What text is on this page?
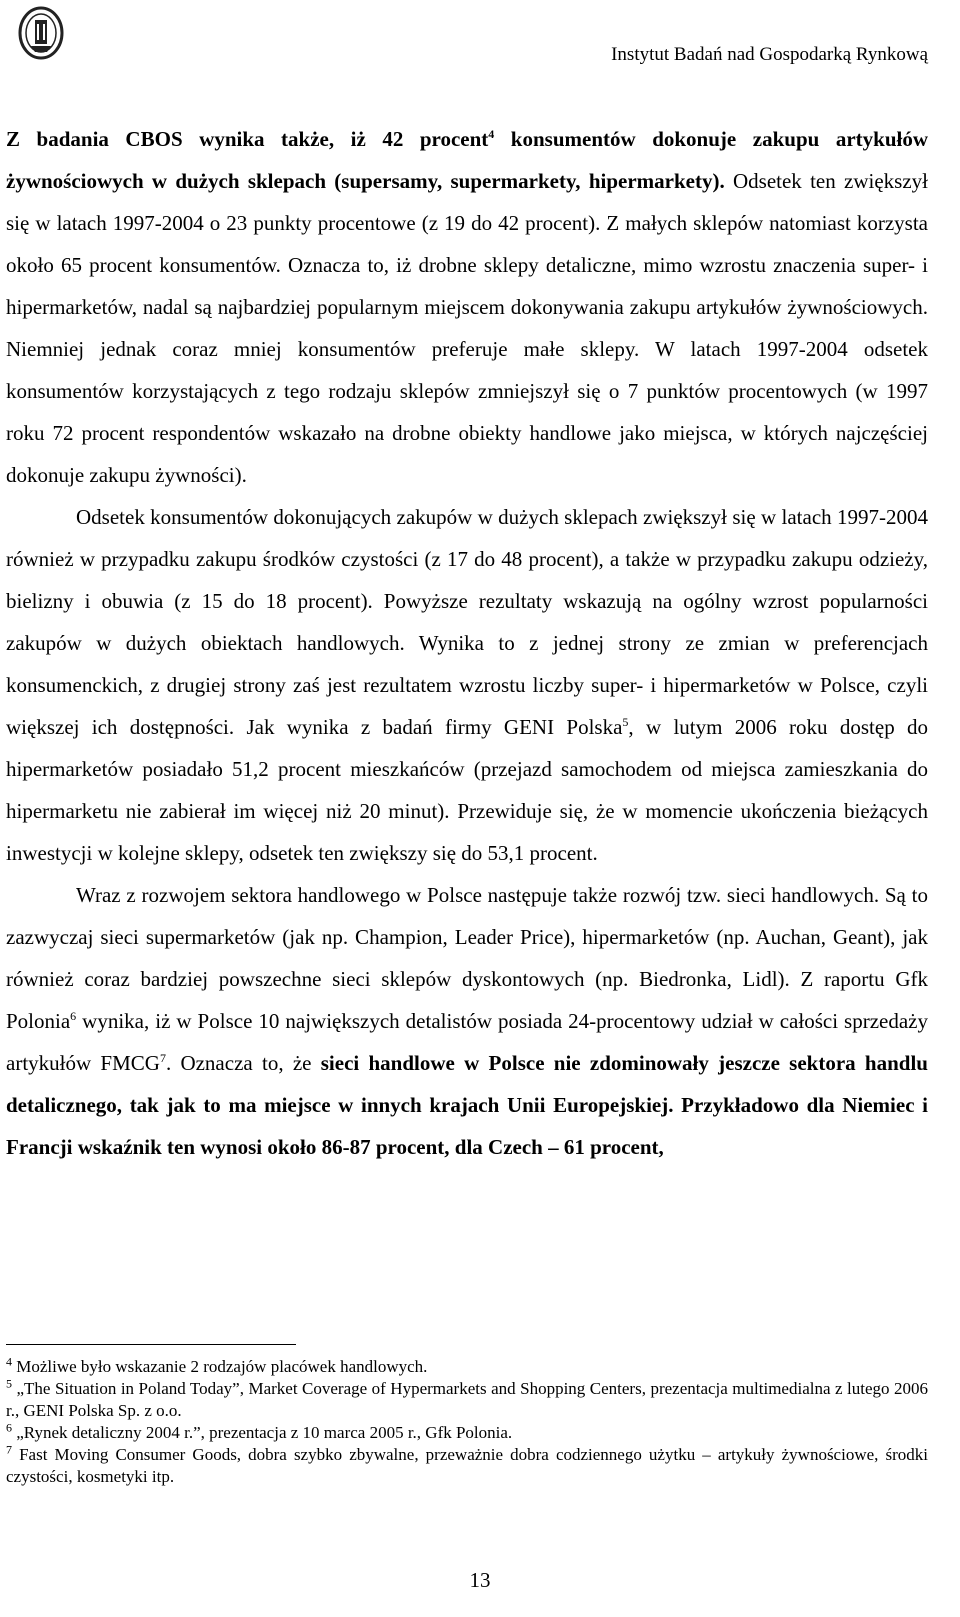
Instytut Badań nad Gospodarką Rynkową

Z badania CBOS wynika także, iż 42 procent$^4$ konsumentów dokonuje zakupu artykułów żywnościowych w dużych sklepach (supersamy, supermarkety, hipermarkety). Odsetek ten zwiększył się w latach 1997-2004 o 23 punkty procentowe (z 19 do 42 procent). Z małych sklepów natomiast korzysta około 65 procent konsumentów. Oznacza to, iż drobne sklepy detaliczne, mimo wzrostu znaczenia super- i hipermarketów, nadal są najbardziej popularnym miejscem dokonywania zakupu artykułów żywnościowych. Niemniej jednak coraz mniej konsumentów preferuje małe sklepy. W latach 1997-2004 odsetek konsumentów korzystających z tego rodzaju sklepów zmniejszył się o 7 punktów procentowych (w 1997 roku 72 procent respondentów wskazało na drobne obiekty handlowe jako miejsca, w których najczęściej dokonuje zakupu żywności).

Odsetek konsumentów dokonujących zakupów w dużych sklepach zwiększył się w latach 1997-2004 również w przypadku zakupu środków czystości (z 17 do 48 procent), a także w przypadku zakupu odzieży, bielizny i obuwia (z 15 do 18 procent). Powyższe rezultaty wskazują na ogólny wzrost popularności zakupów w dużych obiektach handlowych. Wynika to z jednej strony ze zmian w preferencjach konsumenckich, z drugiej strony zaś jest rezultatem wzrostu liczby super- i hipermarketów w Polsce, czyli większej ich dostępności. Jak wynika z badań firmy GENI Polska$^5$, w lutym 2006 roku dostęp do hipermarketów posiadało 51,2 procent mieszkańców (przejazd samochodem od miejsca zamieszkania do hipermarketu nie zabierał im więcej niż 20 minut). Przewiduje się, że w momencie ukończenia bieżących inwestycji w kolejne sklepy, odsetek ten zwiększy się do 53,1 procent.

Wraz z rozwojem sektora handlowego w Polsce następuje także rozwój tzw. sieci handlowych. Są to zazwyczaj sieci supermarketów (jak np. Champion, Leader Price), hipermarketów (np. Auchan, Geant), jak również coraz bardziej powszechne sieci sklepów dyskontowych (np. Biedronka, Lidl). Z raportu Gfk Polonia$^6$ wynika, iż w Polsce 10 największych detalistów posiada 24-procentowy udział w całości sprzedaży artykułów FMCG$^7$. Oznacza to, że sieci handlowe w Polsce nie zdominowały jeszcze sektora handlu detalicznego, tak jak to ma miejsce w innych krajach Unii Europejskiej. Przykładowo dla Niemiec i Francji wskaźnik ten wynosi około 86-87 procent, dla Czech – 61 procent,

$^4$ Możliwe było wskazanie 2 rodzajów placówek handlowych.
$^5$ „The Situation in Poland Today”, Market Coverage of Hypermarkets and Shopping Centers, prezentacja multimedialna z lutego 2006 r., GENI Polska Sp. z o.o.
$^6$ „Rynek detaliczny 2004 r.”, prezentacja z 10 marca 2005 r., Gfk Polonia.
$^7$ Fast Moving Consumer Goods, dobra szybko zbywalne, przeważnie dobra codziennego użytku – artykuły żywnościowe, środki czystości, kosmetyki itp.
13
